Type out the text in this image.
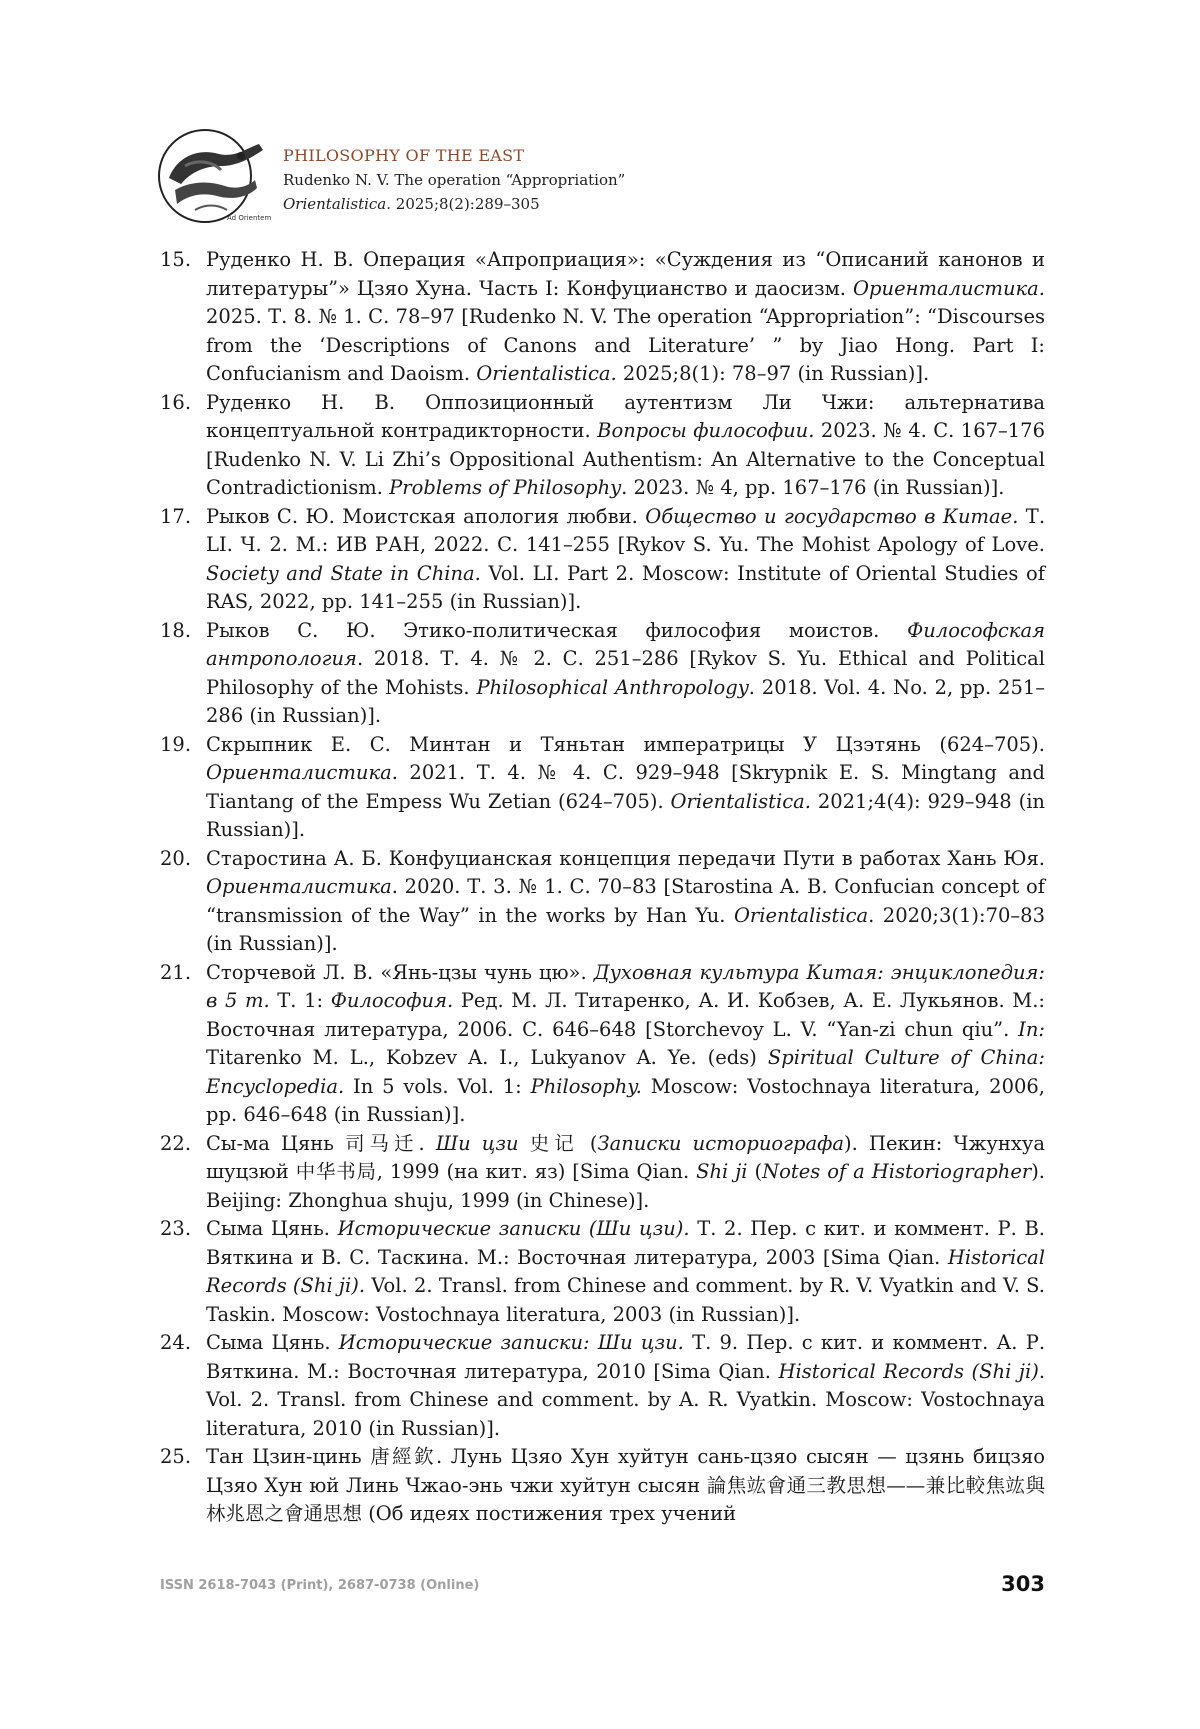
Ad Orientem
PHILOSOPHY OF THE EAST
Rudenko N. V. The operation “Appropriation”
Orientalistica. 2025;8(2):289–305
15. Руденко Н. В. Операция «Апроприация»: «Суждения из “Описаний канонов и литературы”» Цзяо Хуна. Часть I: Конфуцианство и даосизм. Ориенталистика. 2025. Т. 8. № 1. С. 78–97 [Rudenko N. V. The operation “Appropriation”: “Discourses from the ‘Descriptions of Canons and Literature’ ” by Jiao Hong. Part I: Confucianism and Daoism. Orientalistica. 2025;8(1): 78–97 (in Russian)].
16. Руденко Н. В. Оппозиционный аутентизм Ли Чжи: альтернатива концептуальной контрадикторности. Вопросы философии. 2023. № 4. С. 167–176 [Rudenko N. V. Li Zhi’s Oppositional Authentism: An Alternative to the Conceptual Contradictionism. Problems of Philosophy. 2023. № 4, pp. 167–176 (in Russian)].
17. Рыков С. Ю. Моистская апология любви. Общество и государство в Китае. Т. LI. Ч. 2. М.: ИВ РАН, 2022. С. 141–255 [Rykov S. Yu. The Mohist Apology of Love. Society and State in China. Vol. LI. Part 2. Moscow: Institute of Oriental Studies of RAS, 2022, pp. 141–255 (in Russian)].
18. Рыков С. Ю. Этико-политическая философия моистов. Философская антропология. 2018. Т. 4. № 2. С. 251–286 [Rykov S. Yu. Ethical and Political Philosophy of the Mohists. Philosophical Anthropology. 2018. Vol. 4. No. 2, pp. 251–286 (in Russian)].
19. Скрыпник Е. С. Минтан и Тяньтан императрицы У Цзэтянь (624–705). Ориенталистика. 2021. Т. 4. № 4. С. 929–948 [Skrypnik E. S. Mingtang and Tiantang of the Empess Wu Zetian (624–705). Orientalistica. 2021;4(4): 929–948 (in Russian)].
20. Старостина А. Б. Конфуцианская концепция передачи Пути в работах Хань Юя. Ориенталистика. 2020. Т. 3. № 1. С. 70–83 [Starostina A. B. Confucian concept of “transmission of the Way” in the works by Han Yu. Orientalistica. 2020;3(1):70–83 (in Russian)].
21. Сторчевой Л. В. «Янь-цзы чунь цю». Духовная культура Китая: энциклопедия: в 5 т. Т. 1: Философия. Ред. М. Л. Титаренко, А. И. Кобзев, А. Е. Лукьянов. М.: Восточная литература, 2006. С. 646–648 [Storchevoy L. V. “Yan-zi chun qiu”. In: Titarenko M. L., Kobzev A. I., Lukyanov A. Ye. (eds) Spiritual Culture of China: Encyclopedia. In 5 vols. Vol. 1: Philosophy. Moscow: Vostochnaya literatura, 2006, pp. 646–648 (in Russian)].
22. Сы-ма Цянь 司马迁. Ши цзи 史记 (Записки историографа). Пекин: Чжунхуа шуцзюй 中华书局, 1999 (на кит. яз) [Sima Qian. Shi ji (Notes of a Historiographer). Beijing: Zhonghua shuju, 1999 (in Chinese)].
23. Сыма Цянь. Исторические записки (Ши цзи). Т. 2. Пер. с кит. и коммент. Р. В. Вяткина и В. С. Таскина. М.: Восточная литература, 2003 [Sima Qian. Historical Records (Shi ji). Vol. 2. Transl. from Chinese and comment. by R. V. Vyatkin and V. S. Taskin. Moscow: Vostochnaya literatura, 2003 (in Russian)].
24. Сыма Цянь. Исторические записки: Ши цзи. Т. 9. Пер. с кит. и коммент. А. Р. Вяткина. М.: Восточная литература, 2010 [Sima Qian. Historical Records (Shi ji). Vol. 2. Transl. from Chinese and comment. by A. R. Vyatkin. Moscow: Vostochnaya literatura, 2010 (in Russian)].
25. Тан Цзин-цинь 唐經欽. Лунь Цзяо Хун хуйтун сань-цзяо сысян — цзянь бицзяо Цзяо Хун юй Линь Чжао-энь чжи хуйтун сысян 論焦竑會通三教思想——兼比較焦竑與林兆恩之會通思想 (Об идеях постижения трех учений
ISSN 2618-7043 (Print), 2687-0738 (Online)	303
